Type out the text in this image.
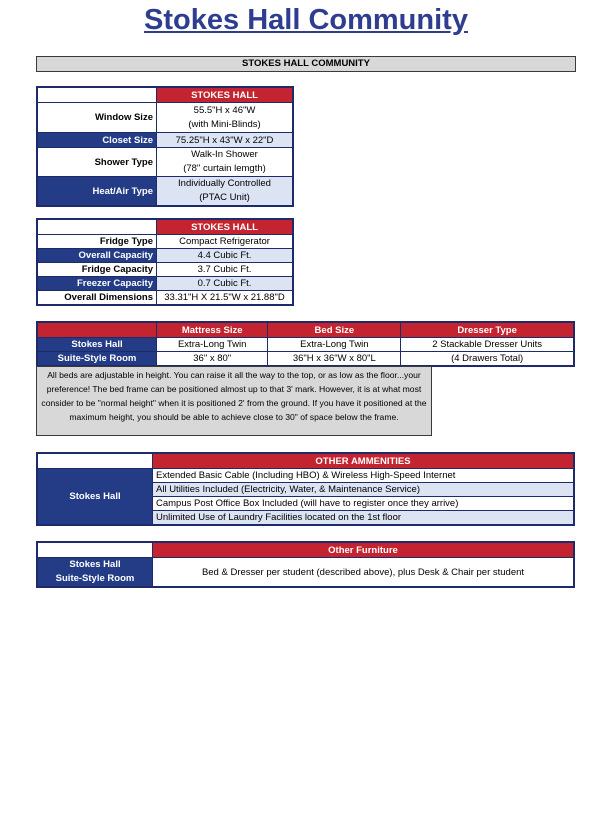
Stokes Hall Community
STOKES HALL COMMUNITY
	STOKES HALL
Window Size	55.5"H x 46"W
(with Mini-Blinds)

Closet Size	75.25"H x 43"W x 22"D
Shower Type	Walk-In Shower
(78" curtain lemgth)

Heat/Air Type	Individually Controlled
(PTAC Unit)
	STOKES HALL
Fridge Type	Compact Refrigerator
Overall Capacity	4.4 Cubic Ft.
Fridge Capacity	3.7 Cubic Ft.
Freezer Capacity	0.7 Cubic Ft.
Overall Dimensions	33.31"H X 21.5"W x 21.88"D
	Mattress Size	Bed Size	Dresser Type
Stokes Hall	Extra-Long Twin	Extra-Long Twin	2 Stackable Dresser Units
Suite-Style Room	36" x 80"	36"H x 36"W x 80"L	(4 Drawers Total)
All beds are adjustable in height. You can raise it all the way to the top, or as low as the floor...your preference! The bed frame can be positioned almost up to that 3' mark. However, it is at what most consider to be "normal height" when it is positioned 2' from the ground. If you have it positioned at the maximum height, you should be able to achieve close to 30" of space below the frame.
	OTHER AMMENITIES
Stokes Hall	Extended Basic Cable (Including HBO) & Wireless High-Speed Internet
	All Utilities Included (Electricity, Water, & Maintenance Service)
	Campus Post Office Box Included (will have to register once they arrive)
	Unlimited Use of Laundry Facilities located on the 1st floor
	Other Furniture

Stokes Hall
Suite-Style Room	Bed & Dresser per student (described above), plus Desk & Chair per student
